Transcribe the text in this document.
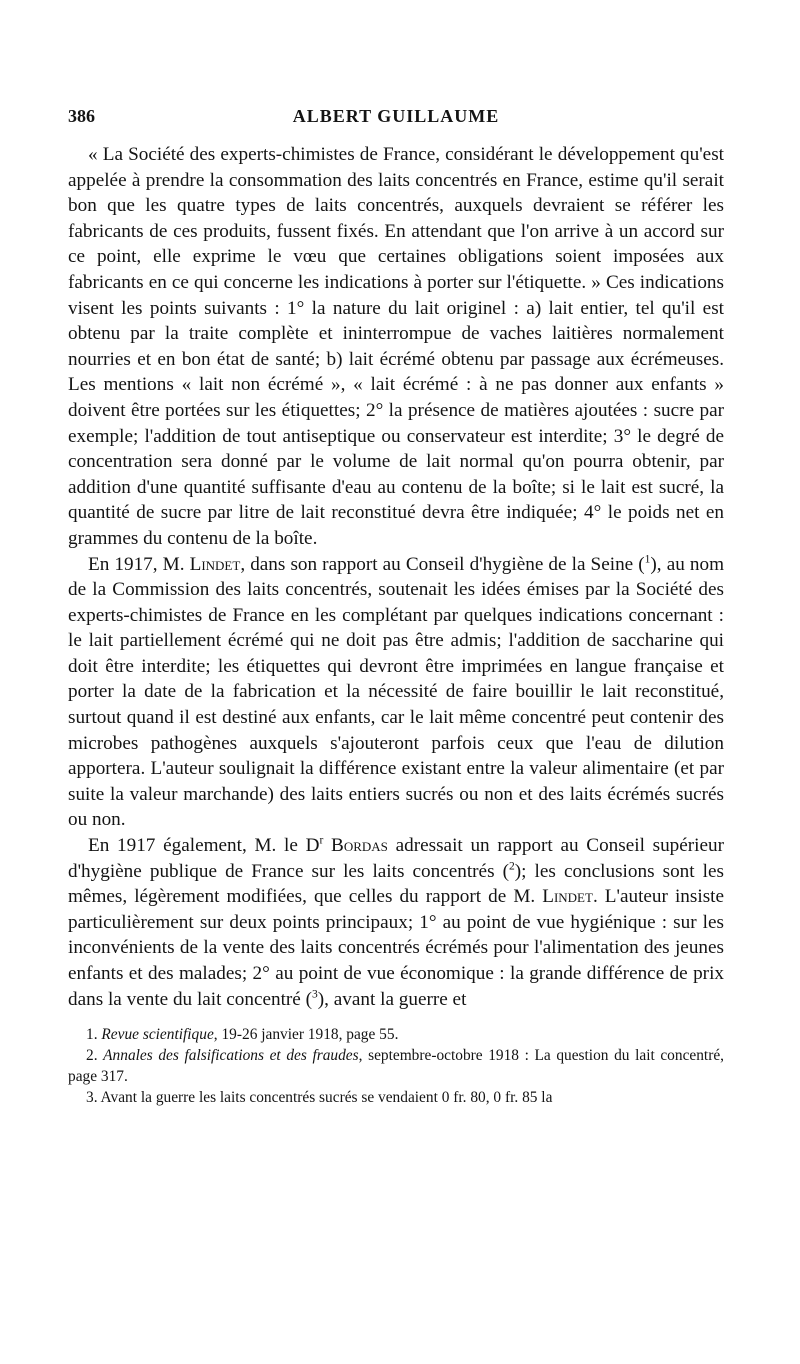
386	ALBERT GUILLAUME

« La Société des experts-chimistes de France, considérant le développement qu'est appelée à prendre la consommation des laits concentrés en France, estime qu'il serait bon que les quatre types de laits concentrés, auxquels devraient se référer les fabricants de ces produits, fussent fixés. En attendant que l'on arrive à un accord sur ce point, elle exprime le vœu que certaines obligations soient imposées aux fabricants en ce qui concerne les indications à porter sur l'étiquette. » Ces indications visent les points suivants : 1° la nature du lait originel : a) lait entier, tel qu'il est obtenu par la traite complète et ininterrompue de vaches laitières normalement nourries et en bon état de santé; b) lait écrémé obtenu par passage aux écrémeuses. Les mentions « lait non écrémé », « lait écrémé : à ne pas donner aux enfants » doivent être portées sur les étiquettes; 2° la présence de matières ajoutées : sucre par exemple; l'addition de tout antiseptique ou conservateur est interdite; 3° le degré de concentration sera donné par le volume de lait normal qu'on pourra obtenir, par addition d'une quantité suffisante d'eau au contenu de la boîte; si le lait est sucré, la quantité de sucre par litre de lait reconstitué devra être indiquée; 4° le poids net en grammes du contenu de la boîte.

En 1917, M. Lindet, dans son rapport au Conseil d'hygiène de la Seine ($^1$), au nom de la Commission des laits concentrés, soutenait les idées émises par la Société des experts-chimistes de France en les complétant par quelques indications concernant : le lait partiellement écrémé qui ne doit pas être admis; l'addition de saccharine qui doit être interdite; les étiquettes qui devront être imprimées en langue française et porter la date de la fabrication et la nécessité de faire bouillir le lait reconstitué, surtout quand il est destiné aux enfants, car le lait même concentré peut contenir des microbes pathogènes auxquels s'ajouteront parfois ceux que l'eau de dilution apportera. L'auteur soulignait la différence existant entre la valeur alimentaire (et par suite la valeur marchande) des laits entiers sucrés ou non et des laits écrémés sucrés ou non.

En 1917 également, M. le $D^r$ Bordas adressait un rapport au Conseil supérieur d'hygiène publique de France sur les laits concentrés ($^2$); les conclusions sont les mêmes, légèrement modifiées, que celles du rapport de M. Lindet. L'auteur insiste particulièrement sur deux points principaux; 1° au point de vue hygiénique : sur les inconvénients de la vente des laits concentrés écrémés pour l'alimentation des jeunes enfants et des malades; 2° au point de vue économique : la grande différence de prix dans la vente du lait concentré ($^3$), avant la guerre et

1. Revue scientifique, 19-26 janvier 1918, page 55.

2. Annales des falsifications et des fraudes, septembre-octobre 1918 : La question du lait concentré, page 317.

3. Avant la guerre les laits concentrés sucrés se vendaient 0 fr. 80, 0 fr. 85 la
